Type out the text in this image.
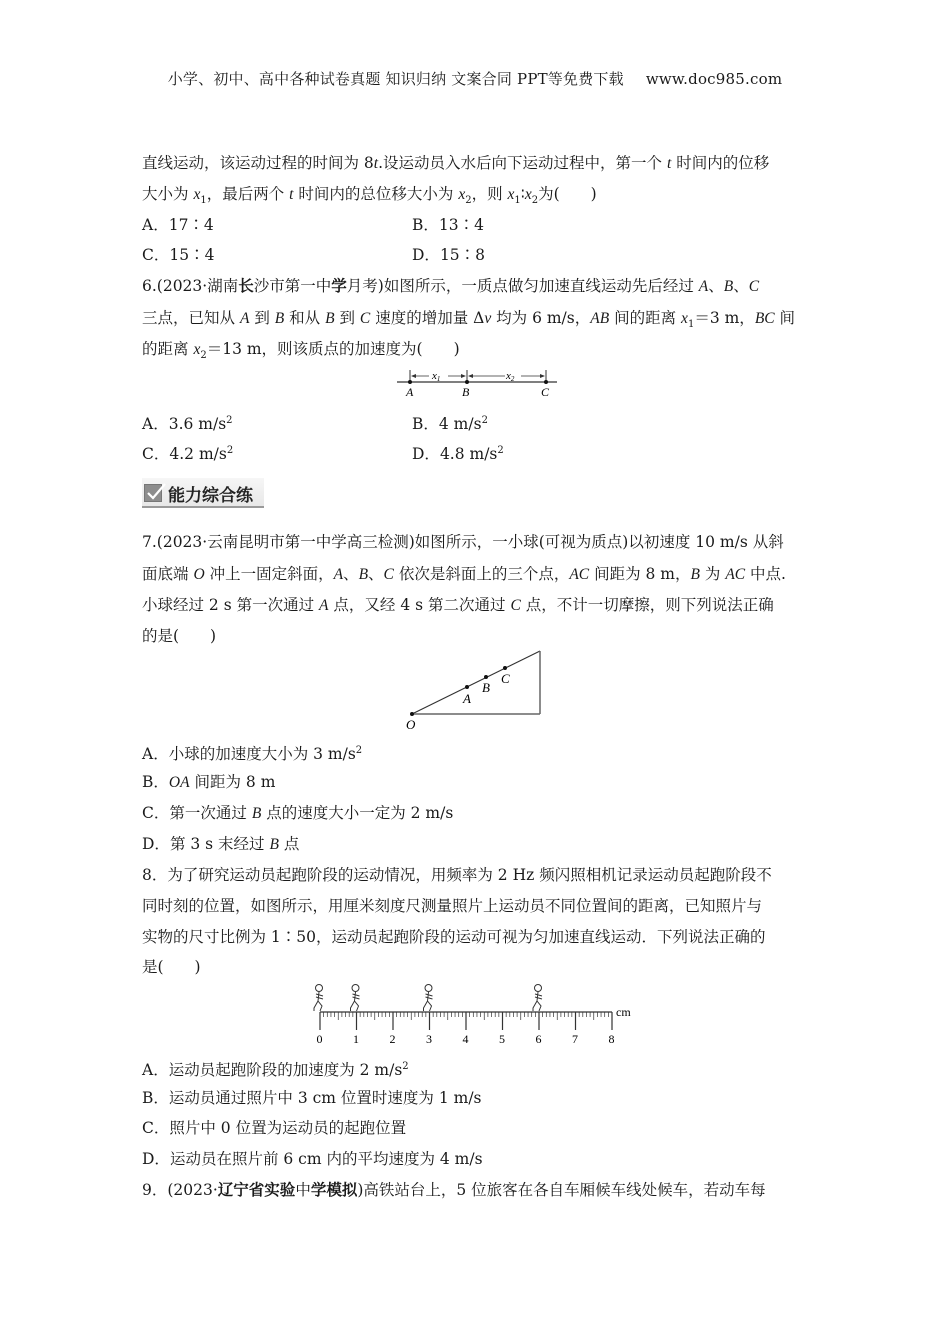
小学、初中、高中各种试卷真题 知识归纳 文案合同 PPT等免费下载 www.doc985.com
直线运动，该运动过程的时间为 8t.设运动员入水后向下运动过程中，第一个 t 时间内的位移
大小为 $x_1$，最后两个 t 时间内的总位移大小为 $x_2$，则 $x_1∶x_2$为(　　)
A．17∶4	B．13∶4
C．15∶4	D．15∶8
6.(2023·湖南长沙市第一中学月考)如图所示，一质点做匀加速直线运动先后经过 A、B、C
三点，已知从 A 到 B 和从 B 到 C 速度的增加量 Δv 均为 6 m/s，AB 间的距离 $x_1=3$ m，BC 间
的距离 $x_2=13$ m，则该质点的加速度为(　　)
x1	x2
A	B	C
A．3.6 $m/s^2$	B．4 $m/s^2$
C．4.2 $m/s^2$	D．4.8 $m/s^2$
能力综合练
7.(2023·云南昆明市第一中学高三检测)如图所示，一小球(可视为质点)以初速度 10 m/s 从斜
面底端 O 冲上一固定斜面，A、B、C 依次是斜面上的三个点，AC 间距为 8 m，B 为 AC 中点.
小球经过 2 s 第一次通过 A 点，又经 4 s 第二次通过 C 点，不计一切摩擦，则下列说法正确
的是(　　)
O
A
B
C
A．小球的加速度大小为 3 $m/s^2$
B．OA 间距为 8 m
C．第一次通过 B 点的速度大小一定为 2 m/s
D．第 3 s 末经过 B 点
8．为了研究运动员起跑阶段的运动情况，用频率为 2 Hz 频闪照相机记录运动员起跑阶段不
同时刻的位置，如图所示，用厘米刻度尺测量照片上运动员不同位置间的距离，已知照片与
实物的尺寸比例为 1∶50，运动员起跑阶段的运动可视为匀加速直线运动．下列说法正确的
是(　　)
0	1	2	3	4	5	6	7	8
cm
A．运动员起跑阶段的加速度为 2 $m/s^2$
B．运动员通过照片中 3 cm 位置时速度为 1 m/s
C．照片中 0 位置为运动员的起跑位置
D．运动员在照片前 6 cm 内的平均速度为 4 m/s
9．(2023·辽宁省实验中学模拟)高铁站台上，5 位旅客在各自车厢候车线处候车，若动车每
